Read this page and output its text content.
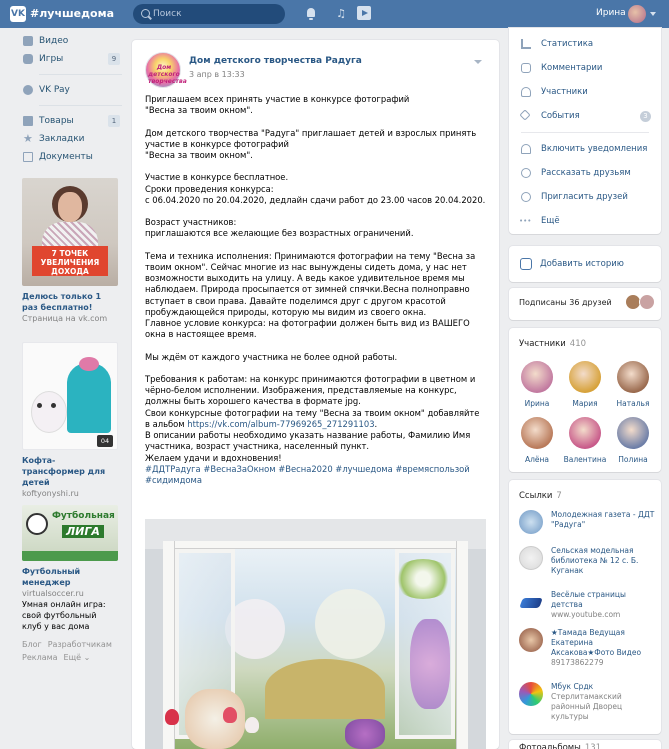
VK #лучшедома
Поиск	♫	Ирина
Видео
Игры	9
VK Pay
Товары	1
★ Закладки
Документы
7 ТОЧЕК УВЕЛИЧЕНИЯ ДОХОДА
Делюсь только 1 раз бесплатно!
Страница на vk.com
04
Кофта-трансформер для детей
koftyonyshi.ru
Футбольная
ЛИГА
Футбольный менеджер
virtualsoccer.ru
Умная онлайн игра: свой футбольный клуб у вас дома
Блог Разработчикам
Реклама Ещё ⌄
Дом детского творчества
Дом детского творчества Радуга
3 апр в 13:33
Приглашаем всех принять участие в конкурсе фотографий
"Весна за твоим окном".

Дом детского творчества "Радуга" приглашает детей и взрослых принять участие в конкурсе фотографий
"Весна за твоим окном".

Участие в конкурсе бесплатное.
Сроки проведения конкурса:
с 06.04.2020 по 20.04.2020, дедлайн сдачи работ до 23.00 часов 20.04.2020.

Возраст участников:
приглашаются все желающие без возрастных ограничений.

Тема и техника исполнения: Принимаются фотографии на тему "Весна за твоим окном". Сейчас многие из нас вынуждены сидеть дома, у нас нет возможности выходить на улицу. А ведь какое удивительное время мы наблюдаем. Природа просыпается от зимней спячки.Весна полноправно вступает в свои права. Давайте поделимся друг с другом красотой пробуждающейся природы, которую мы видим из своего окна.
Главное условие конкурса: на фотографии должен быть вид из ВАШЕГО окна в настоящее время.

Мы ждём от каждого участника не более одной работы.

Требования к работам: на конкурс принимаются фотографии в цветном и чёрно-белом исполнении. Изображения, представляемые на конкурс, должны быть хорошего качества в формате jpg.
Свои конкурсные фотографии на тему "Весна за твоим окном" добавляйте в альбом https://vk.com/album-77969265_271291103.
В описании работы необходимо указать название работы, Фамилию Имя участника, возраст участника, населенный пункт.
Желаем удачи и вдохновения!
#ДДТРадуга #ВеснаЗаОкном #Весна2020 #лучшедома #времяспользой #сидимдома
Статистика
Комментарии
Участники
События	3
Включить уведомления
Рассказать друзьям
Пригласить друзей
••• Ещё
Добавить историю
Подписаны 36 друзей
Участники 410
Ирина	Мария	Наталья
Алёна	Валентина	Полина
Ссылки 7
Молодежная газета - ДДТ "Радуга"
Сельская модельная библиотека № 12 с. Б. Куганак
Весёлые страницы детства
www.youtube.com
★Тамада Ведущая Екатерина Аксакова★Фото Видео
89173862279
Мбук Срдк
Стерлитамакский районный Дворец культуры
Фотоальбомы 131
